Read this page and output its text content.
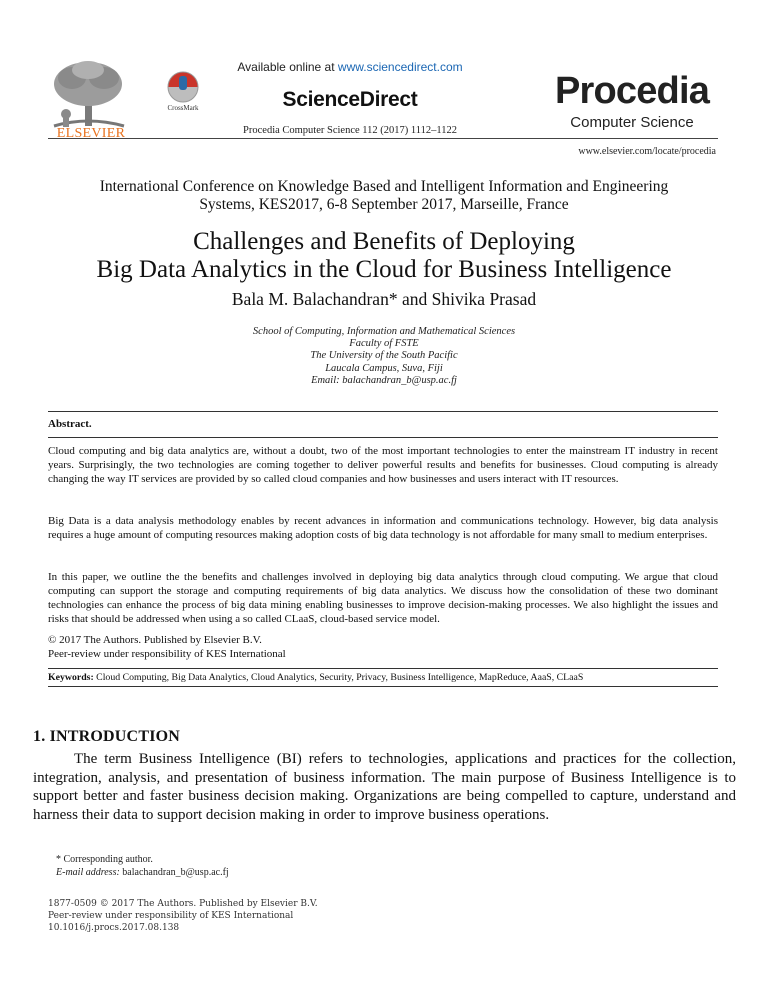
ELSEVIER
CrossMark
Available online at www.sciencedirect.com
ScienceDirect
Procedia Computer Science 112 (2017) 1112–1122
Procedia
Computer Science
www.elsevier.com/locate/procedia
International Conference on Knowledge Based and Intelligent Information and Engineering
Systems, KES2017, 6-8 September 2017, Marseille, France
Challenges and Benefits of Deploying
Big Data Analytics in the Cloud for Business Intelligence
Bala M. Balachandran* and Shivika Prasad
School of Computing, Information and Mathematical Sciences
Faculty of FSTE
The University of the South Pacific
Laucala Campus, Suva, Fiji
Email: balachandran_b@usp.ac.fj
Abstract.
Cloud computing and big data analytics are, without a doubt, two of the most important technologies to enter the mainstream IT industry in recent years. Surprisingly, the two technologies are coming together to deliver powerful results and benefits for businesses. Cloud computing is already changing the way IT services are provided by so called cloud companies and how businesses and users interact with IT resources.
Big Data is a data analysis methodology enables by recent advances in information and communications technology. However, big data analysis requires a huge amount of computing resources making adoption costs of big data technology is not affordable for many small to medium enterprises.
In this paper, we outline the the benefits and challenges involved in deploying big data analytics through cloud computing. We argue that cloud computing can support the storage and computing requirements of big data analytics. We discuss how the consolidation of these two dominant technologies can enhance the process of big data mining enabling businesses to improve decision-making processes. We also highlight the issues and risks that should be addressed when using a so called CLaaS, cloud-based service model.
© 2017 The Authors. Published by Elsevier B.V.
Peer-review under responsibility of KES International
Keywords: Cloud Computing, Big Data Analytics, Cloud Analytics, Security, Privacy, Business Intelligence, MapReduce, AaaS, CLaaS
1. INTRODUCTION
The term Business Intelligence (BI) refers to technologies, applications and practices for the collection, integration, analysis, and presentation of business information. The main purpose of Business Intelligence is to support better and faster business decision making. Organizations are being compelled to capture, understand and harness their data to support decision making in order to improve business operations.
* Corresponding author.
E-mail address: balachandran_b@usp.ac.fj
1877-0509 © 2017 The Authors. Published by Elsevier B.V.
Peer-review under responsibility of KES International
10.1016/j.procs.2017.08.138
